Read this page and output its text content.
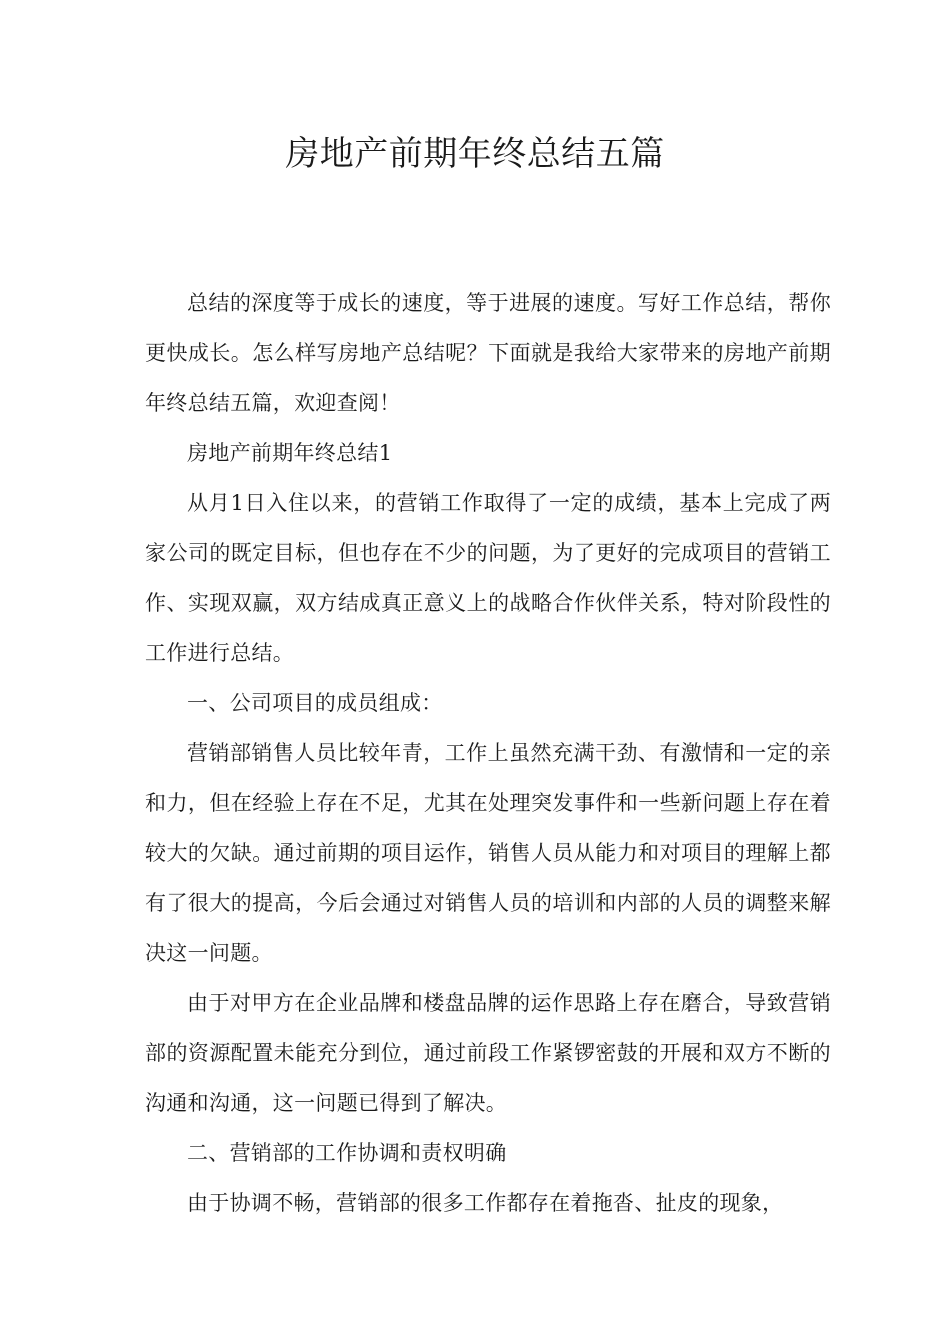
房地产前期年终总结五篇

总结的深度等于成长的速度，等于进展的速度。写好工作总结，帮你更快成长。怎么样写房地产总结呢？下面就是我给大家带来的房地产前期年终总结五篇，欢迎查阅！

房地产前期年终总结1

从月1日入住以来，的营销工作取得了一定的成绩，基本上完成了两家公司的既定目标，但也存在不少的问题，为了更好的完成项目的营销工作、实现双赢，双方结成真正意义上的战略合作伙伴关系，特对阶段性的工作进行总结。

一、公司项目的成员组成：

营销部销售人员比较年青，工作上虽然充满干劲、有激情和一定的亲和力，但在经验上存在不足，尤其在处理突发事件和一些新问题上存在着较大的欠缺。通过前期的项目运作，销售人员从能力和对项目的理解上都有了很大的提高，今后会通过对销售人员的培训和内部的人员的调整来解决这一问题。

由于对甲方在企业品牌和楼盘品牌的运作思路上存在磨合，导致营销部的资源配置未能充分到位，通过前段工作紧锣密鼓的开展和双方不断的沟通和沟通，这一问题已得到了解决。

二、营销部的工作协调和责权明确

由于协调不畅，营销部的很多工作都存在着拖沓、扯皮的现象，
